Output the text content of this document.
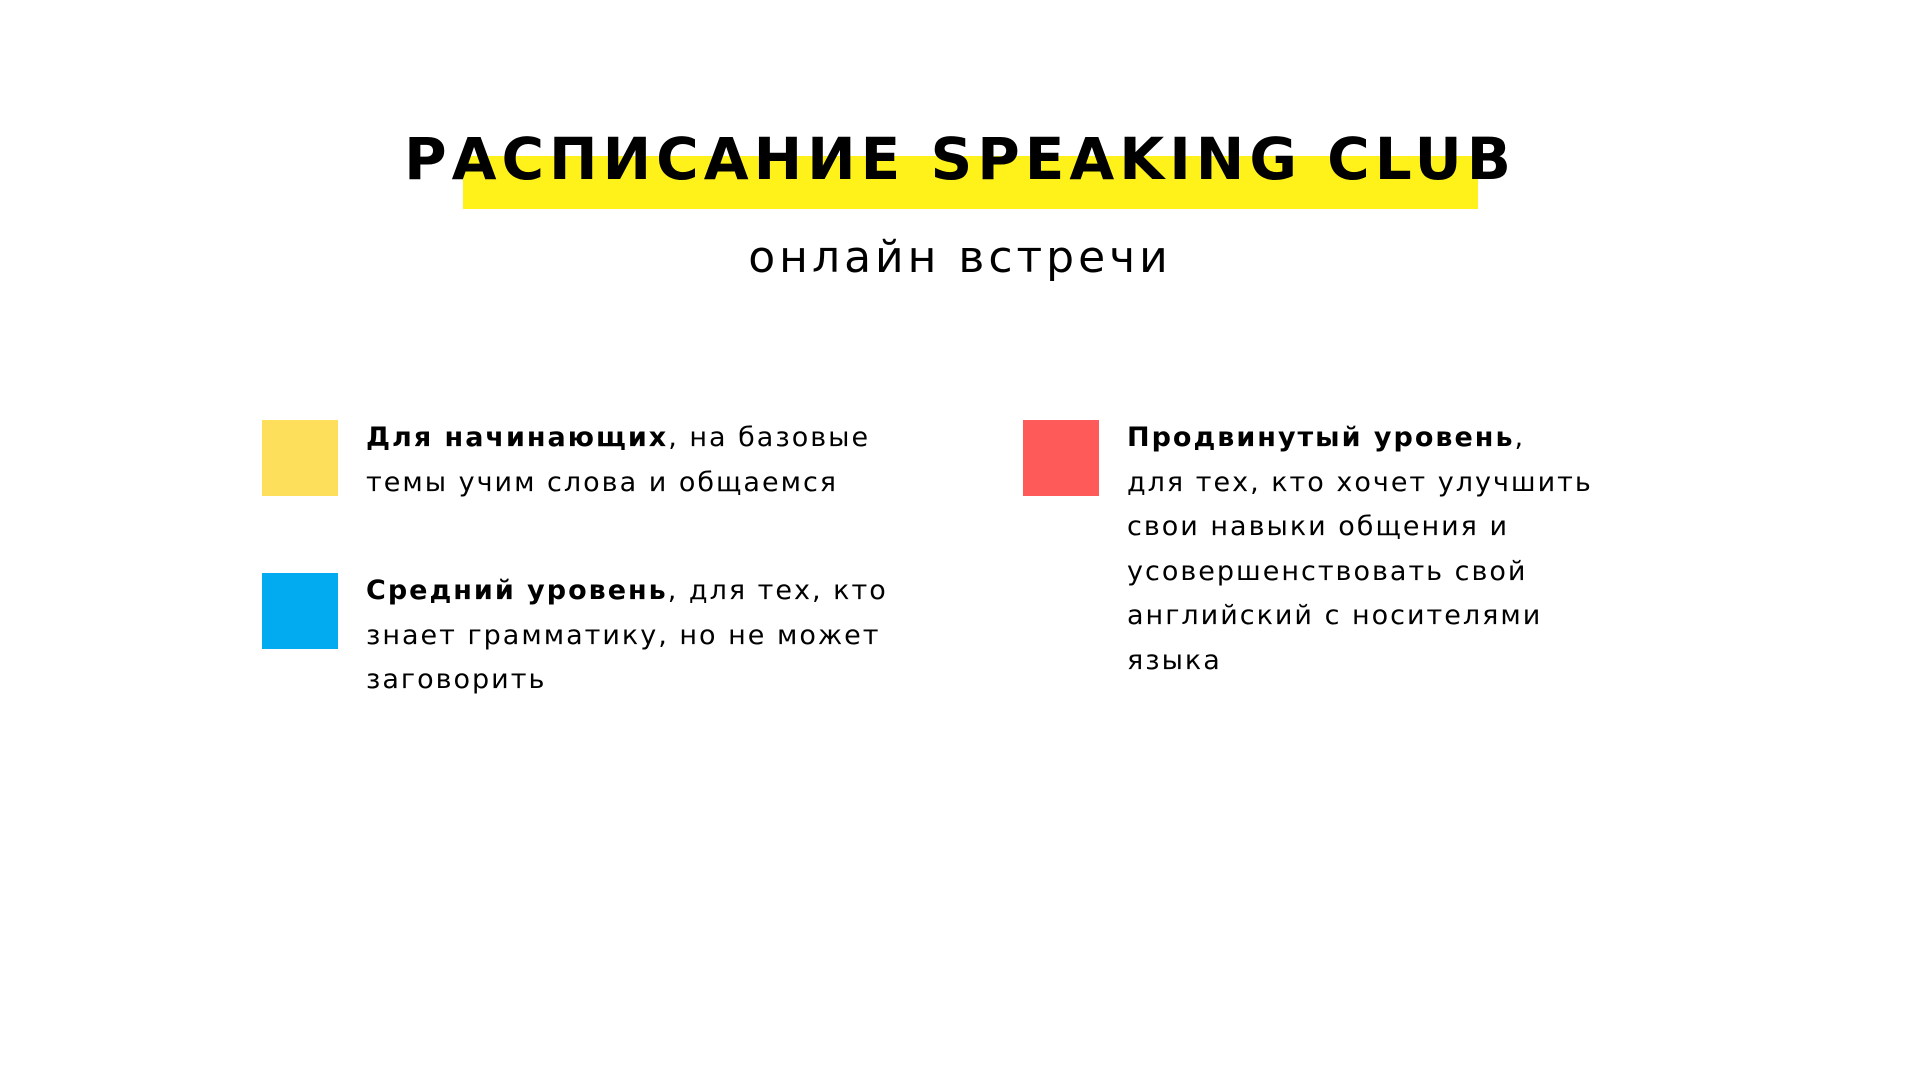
РАСПИСАНИЕ SPEAKING CLUB
онлайн встречи
Для начинающих, на базовые
темы учим слова и общаемся
Средний уровень, для тех, кто
знает грамматику, но не может
заговорить
Продвинутый уровень,
для тех, кто хочет улучшить
свои навыки общения и
усовершенствовать свой
английский с носителями
языка
